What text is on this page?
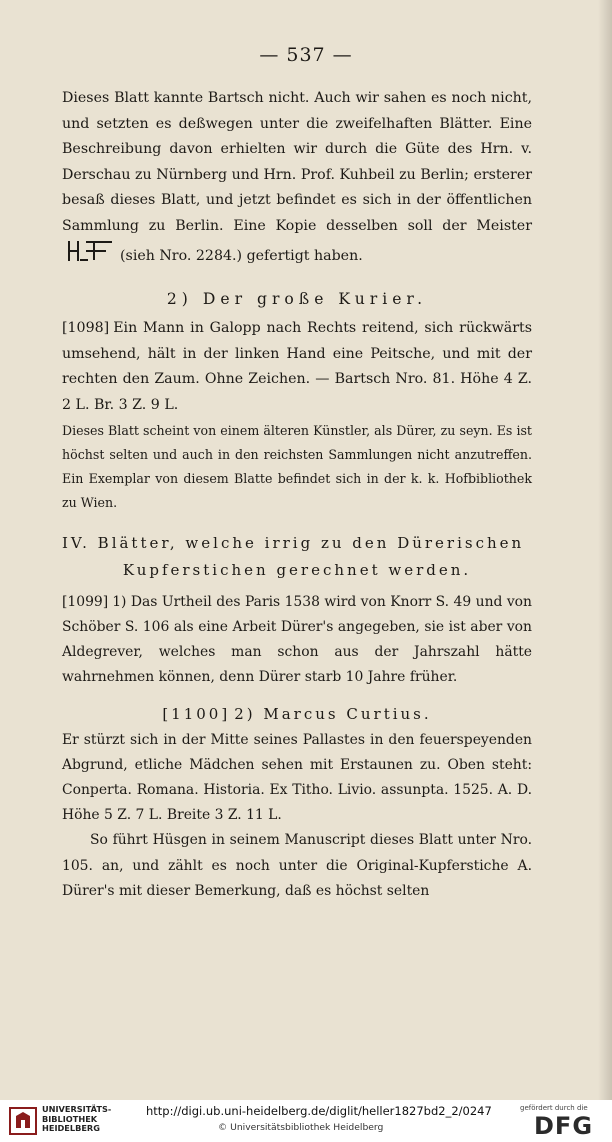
— 537 —

Dieses Blatt kannte Bartsch nicht. Auch wir sahen es noch nicht, und setzten es deßwegen unter die zweifelhaften Blätter. Eine Beschreibung davon erhielten wir durch die Güte des Hrn. v. Derschau zu Nürnberg und Hrn. Prof. Kuhbeil zu Berlin; ersterer besaß dieses Blatt, und jetzt befindet es sich in der öffentlichen Sammlung zu Berlin. Eine Kopie desselben soll der Meister(sieh Nro. 2284.) gefertigt haben.

2) Der große Kurier.

[1098] Ein Mann in Galopp nach Rechts reitend, sich rückwärts umsehend, hält in der linken Hand eine Peitsche, und mit der rechten den Zaum. Ohne Zeichen. — Bartsch Nro. 81. Höhe 4 Z. 2 L. Br. 3 Z. 9 L.

Dieses Blatt scheint von einem älteren Künstler, als Dürer, zu seyn. Es ist höchst selten und auch in den reichsten Sammlungen nicht anzutreffen. Ein Exemplar von diesem Blatte befindet sich in der k. k. Hofbibliothek zu Wien.

IV. Blätter, welche irrig zu den Dürerischen
Kupferstichen gerechnet werden.

[1099] 1) Das Urtheil des Paris 1538 wird von Knorr S. 49 und von Schöber S. 106 als eine Arbeit Dürer's angegeben, sie ist aber von Aldegrever, welches man schon aus der Jahrszahl hätte wahrnehmen können, denn Dürer starb 10 Jahre früher.

[1100] 2) Marcus Curtius.

Er stürzt sich in der Mitte seines Pallastes in den feuerspeyenden Abgrund, etliche Mädchen sehen mit Erstaunen zu. Oben steht: Conperta. Romana. Historia. Ex Titho. Livio. assunpta. 1525. A. D. Höhe 5 Z. 7 L. Breite 3 Z. 11 L.

So führt Hüsgen in seinem Manuscript dieses Blatt unter Nro. 105. an, und zählt es noch unter die Original-Kupferstiche A. Dürer's mit dieser Bemerkung, daß es höchst selten

UNIVERSITÄTS-
BIBLIOTHEK
HEIDELBERG
http://digi.ub.uni-heidelberg.de/diglit/heller1827bd2_2/0247
© Universitätsbibliothek Heidelberg
gefördert durch die
DFG
